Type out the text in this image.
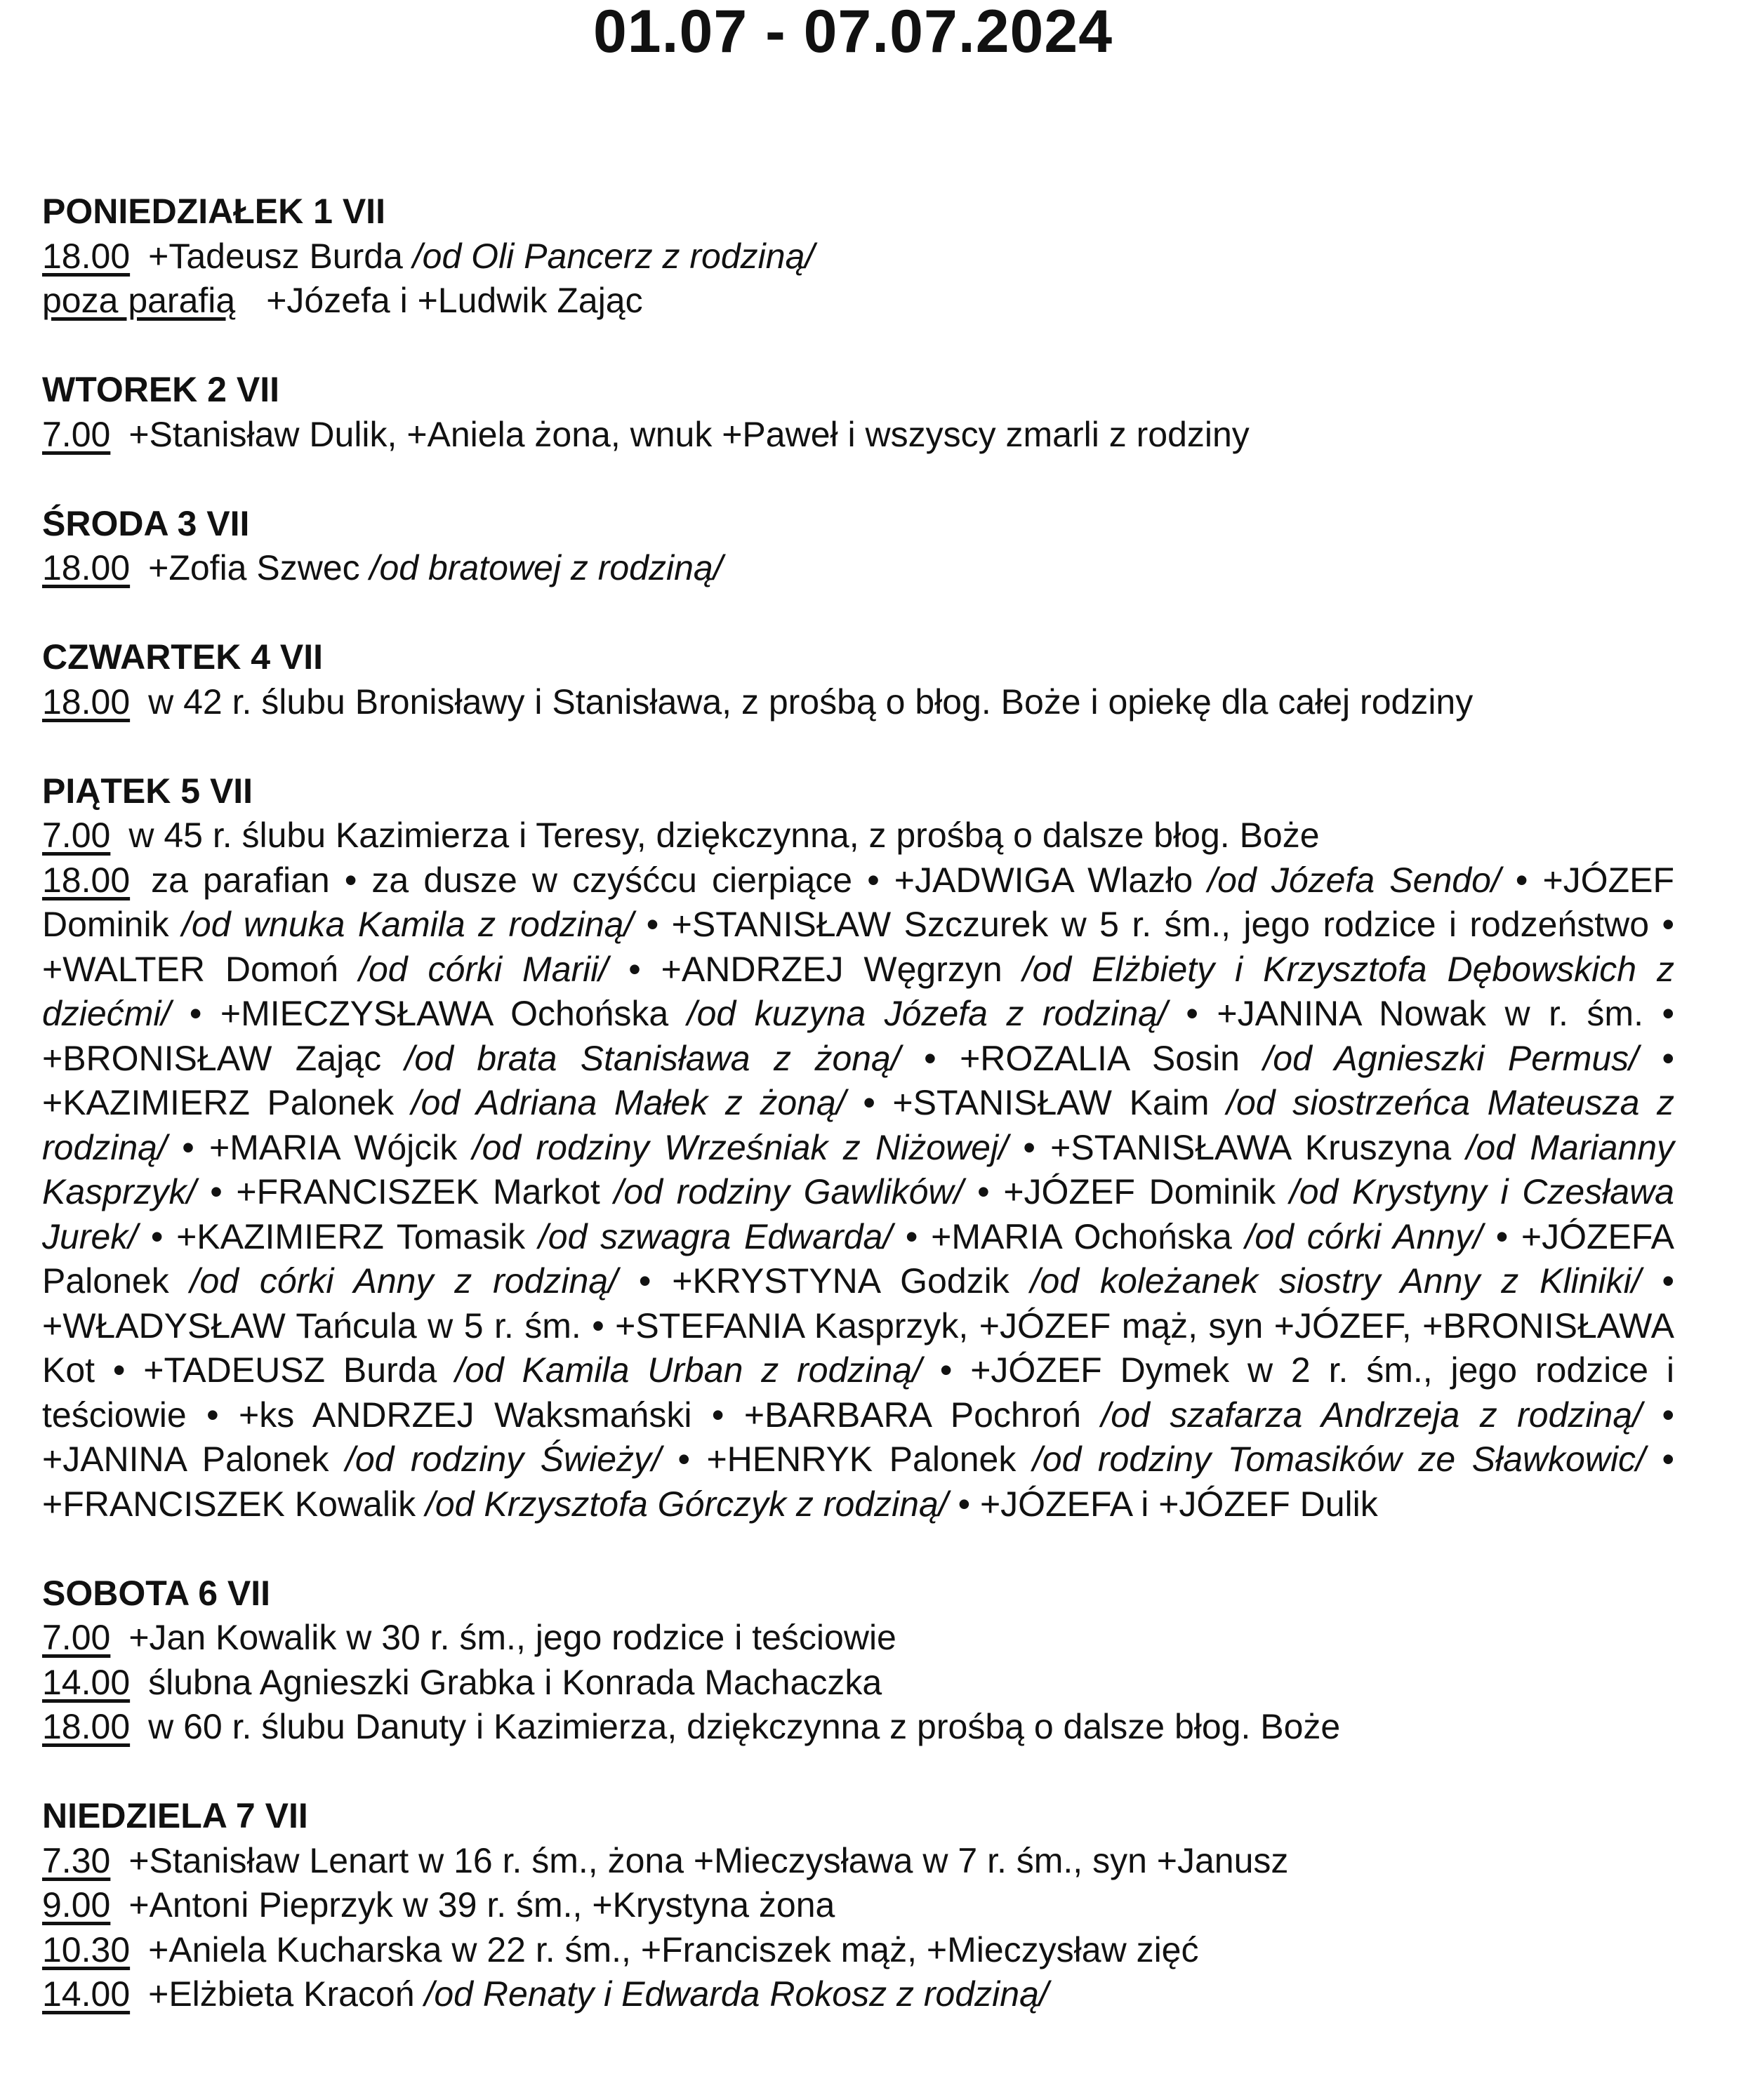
01.07 - 07.07.2024
PONIEDZIAŁEK 1 VII
18.00 +Tadeusz Burda /od Oli Pancerz z rodziną/
poza parafią +Józefa i +Ludwik Zając
WTOREK 2 VII
7.00 +Stanisław Dulik, +Aniela żona, wnuk +Paweł i wszyscy zmarli z rodziny
ŚRODA 3 VII
18.00 +Zofia Szwec /od bratowej z rodziną/
CZWARTEK 4 VII
18.00 w 42 r. ślubu Bronisławy i Stanisława, z prośbą o błog. Boże i opiekę dla całej rodziny
PIĄTEK 5 VII
7.00 w 45 r. ślubu Kazimierza i Teresy, dziękczynna, z prośbą o dalsze błog. Boże

18.00 za parafian • za dusze w czyśćcu cierpiące • +JADWIGA Wlazło /od Józefa Sendo/ • +JÓZEF Dominik /od wnuka Kamila z rodziną/ • +STANISŁAW Szczurek w 5 r. śm., jego rodzice i rodzeństwo • +WALTER Domoń /od córki Marii/ • +ANDRZEJ Węgrzyn /od Elżbiety i Krzysztofa Dębowskich z dziećmi/ • +MIECZYSŁAWA Ochońska /od kuzyna Józefa z rodziną/ • +JANINA Nowak w r. śm. • +BRONISŁAW Zając /od brata Stanisława z żoną/ • +ROZALIA Sosin /od Agnieszki Permus/ • +KAZIMIERZ Palonek /od Adriana Małek z żoną/ • +STANISŁAW Kaim /od siostrzeńca Mateusza z rodziną/ • +MARIA Wójcik /od rodziny Wrześniak z Niżowej/ • +STANISŁAWA Kruszyna /od Marianny Kasprzyk/ • +FRANCISZEK Markot /od rodziny Gawlików/ • +JÓZEF Dominik /od Krystyny i Czesława Jurek/ • +KAZIMIERZ Tomasik /od szwagra Edwarda/ • +MARIA Ochońska /od córki Anny/ • +JÓZEFA Palonek /od córki Anny z rodziną/ • +KRYSTYNA Godzik /od koleżanek siostry Anny z Kliniki/ • +WŁADYSŁAW Tańcula w 5 r. śm. • +STEFANIA Kasprzyk, +JÓZEF mąż, syn +JÓZEF, +BRONISŁAWA Kot • +TADEUSZ Burda /od Kamila Urban z rodziną/ • +JÓZEF Dymek w 2 r. śm., jego rodzice i teściowie • +ks ANDRZEJ Waksmański • +BARBARA Pochroń /od szafarza Andrzeja z rodziną/ • +JANINA Palonek /od rodziny Świeży/ • +HENRYK Palonek /od rodziny Tomasików ze Sławkowic/ • +FRANCISZEK Kowalik /od Krzysztofa Górczyk z rodziną/ • +JÓZEFA i +JÓZEF Dulik

SOBOTA 6 VII
7.00 +Jan Kowalik w 30 r. śm., jego rodzice i teściowie
14.00 ślubna Agnieszki Grabka i Konrada Machaczka
18.00 w 60 r. ślubu Danuty i Kazimierza, dziękczynna z prośbą o dalsze błog. Boże
NIEDZIELA 7 VII
7.30 +Stanisław Lenart w 16 r. śm., żona +Mieczysława w 7 r. śm., syn +Janusz
9.00 +Antoni Pieprzyk w 39 r. śm., +Krystyna żona
10.30 +Aniela Kucharska w 22 r. śm., +Franciszek mąż, +Mieczysław zięć
14.00 +Elżbieta Kracoń /od Renaty i Edwarda Rokosz z rodziną/
